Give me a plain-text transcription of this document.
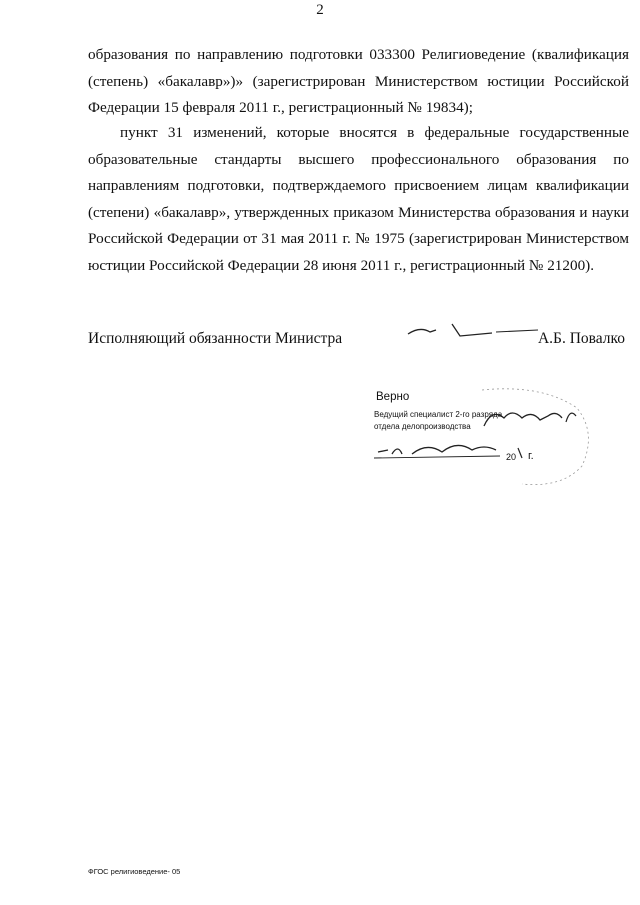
2
образования по направлению подготовки 033300 Религиоведение (квалификация (степень) «бакалавр»)» (зарегистрирован Министерством юстиции Российской Федерации 15 февраля 2011 г., регистрационный № 19834);
пункт 31 изменений, которые вносятся в федеральные государственные образовательные стандарты высшего профессионального образования по направлениям подготовки, подтверждаемого присвоением лицам квалификации (степени) «бакалавр», утвержденных приказом Министерства образования и науки Российской Федерации от 31 мая 2011 г. № 1975 (зарегистрирован Министерством юстиции Российской Федерации 28 июня 2011 г., регистрационный № 21200).
Исполняющий обязанности Министра	А.Б. Повалко
Верно
Ведущий специалист 2-го разряда
отдела делопроизводства
20 г.
ФГОС религиоведение- 05
